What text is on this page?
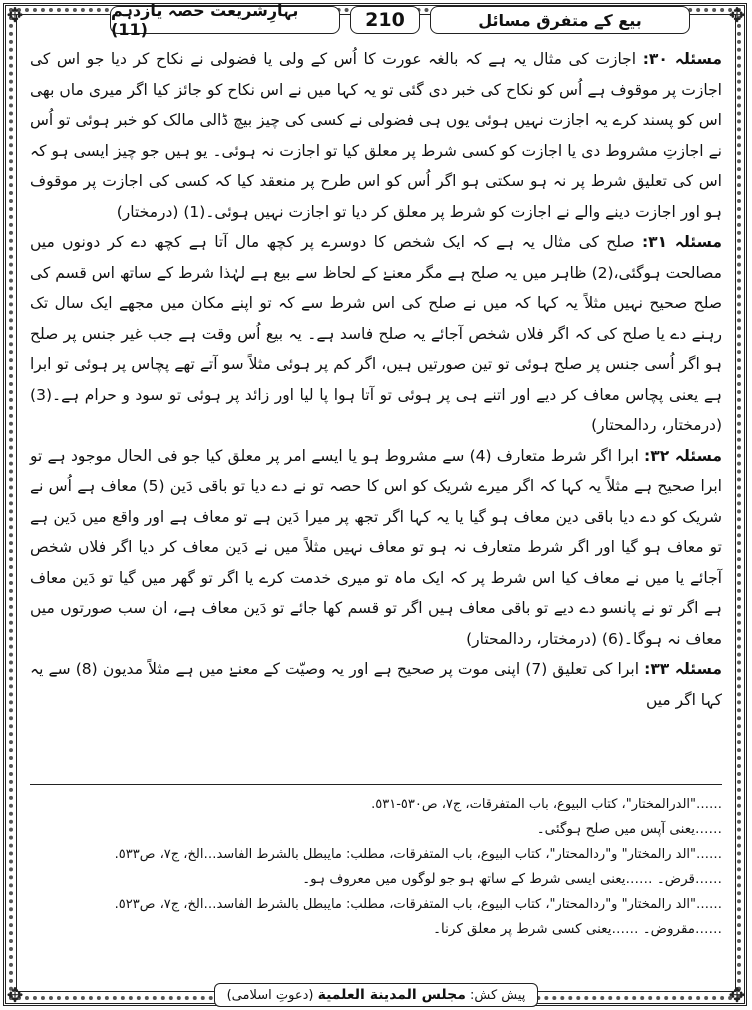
✥	✥
✥	✥
بہارِشریعت حصہ یازدہم (11)	210	بیع کے متفرق مسائل

مسئلہ ۳۰: اجازت کی مثال یہ ہے کہ بالغہ عورت کا اُس کے ولی یا فضولی نے نکاح کر دیا جو اس کی اجازت پر موقوف ہے اُس کو نکاح کی خبر دی گئی تو یہ کہا میں نے اس نکاح کو جائز کیا اگر میری ماں بھی اس کو پسند کرے یہ اجازت نہیں ہوئی یوں ہی فضولی نے کسی کی چیز بیچ ڈالی مالک کو خبر ہوئی تو اُس نے اجازتِ مشروط دی یا اجازت کو کسی شرط پر معلق کیا تو اجازت نہ ہوئی۔ یو ہیں جو چیز ایسی ہو کہ اس کی تعلیق شرط پر نہ ہو سکتی ہو اگر اُس کو اس طرح پر منعقد کیا کہ کسی کی اجازت پر موقوف ہو اور اجازت دینے والے نے اجازت کو شرط پر معلق کر دیا تو اجازت نہیں ہوئی۔(1) (درمختار)

مسئلہ ۳۱: صلح کی مثال یہ ہے کہ ایک شخص کا دوسرے پر کچھ مال آتا ہے کچھ دے کر دونوں میں مصالحت ہوگئی،(2) ظاہر میں یہ صلح ہے مگر معنےٰ کے لحاظ سے بیع ہے لہٰذا شرط کے ساتھ اس قسم کی صلح صحیح نہیں مثلاً یہ کہا کہ میں نے صلح کی اس شرط سے کہ تو اپنے مکان میں مجھے ایک سال تک رہنے دے یا صلح کی کہ اگر فلاں شخص آجائے یہ صلح فاسد ہے۔ یہ بیع اُس وقت ہے جب غیر جنس پر صلح ہو اگر اُسی جنس پر صلح ہوئی تو تین صورتیں ہیں، اگر کم پر ہوئی مثلاً سو آتے تھے پچاس پر ہوئی تو ابرا ہے یعنی پچاس معاف کر دیے اور اتنے ہی پر ہوئی تو آتا ہوا پا لیا اور زائد پر ہوئی تو سود و حرام ہے۔(3) (درمختار، ردالمحتار)

مسئلہ ۳۲: ابرا اگر شرط متعارف (4) سے مشروط ہو یا ایسے امر پر معلق کیا جو فی الحال موجود ہے تو ابرا صحیح ہے مثلاً یہ کہا کہ اگر میرے شریک کو اس کا حصہ تو نے دے دیا تو باقی دَین (5) معاف ہے اُس نے شریک کو دے دیا باقی دین معاف ہو گیا یا یہ کہا اگر تجھ پر میرا دَین ہے تو معاف ہے اور واقع میں دَین ہے تو معاف ہو گیا اور اگر شرط متعارف نہ ہو تو معاف نہیں مثلاً میں نے دَین معاف کر دیا اگر فلاں شخص آجائے یا میں نے معاف کیا اس شرط پر کہ ایک ماہ تو میری خدمت کرے یا اگر تو گھر میں گیا تو دَین معاف ہے اگر تو نے پانسو دے دیے تو باقی معاف ہیں اگر تو قسم کھا جائے تو دَین معاف ہے، ان سب صورتوں میں معاف نہ ہوگا۔(6) (درمختار، ردالمحتار)

مسئلہ ۳۳: ابرا کی تعلیق (7) اپنی موت پر صحیح ہے اور یہ وصیّت کے معنےٰ میں ہے مثلاً مدیون (8) سے یہ کہا اگر میں

……"الدرالمختار"، كتاب البيوع، باب المتفرقات، ج٧، ص٥٣٠-٥٣١.

……یعنی آپس میں صلح ہوگئی۔

……"الد رالمختار" و"ردالمحتار"، كتاب البيوع، باب المتفرقات، مطلب: مايبطل بالشرط الفاسد…الخ، ج٧، ص٥٣٣.

……قرض۔ ……یعنی ایسی شرط کے ساتھ ہو جو لوگوں میں معروف ہو۔

……"الد رالمختار" و"ردالمحتار"، كتاب البيوع، باب المتفرقات، مطلب: مايبطل بالشرط الفاسد…الخ، ج٧، ص٥٢٣.

……مقروض۔ ……یعنی کسی شرط پر معلق کرنا۔

پیش کش: مجلس المدينة العلمية (دعوتِ اسلامی)
